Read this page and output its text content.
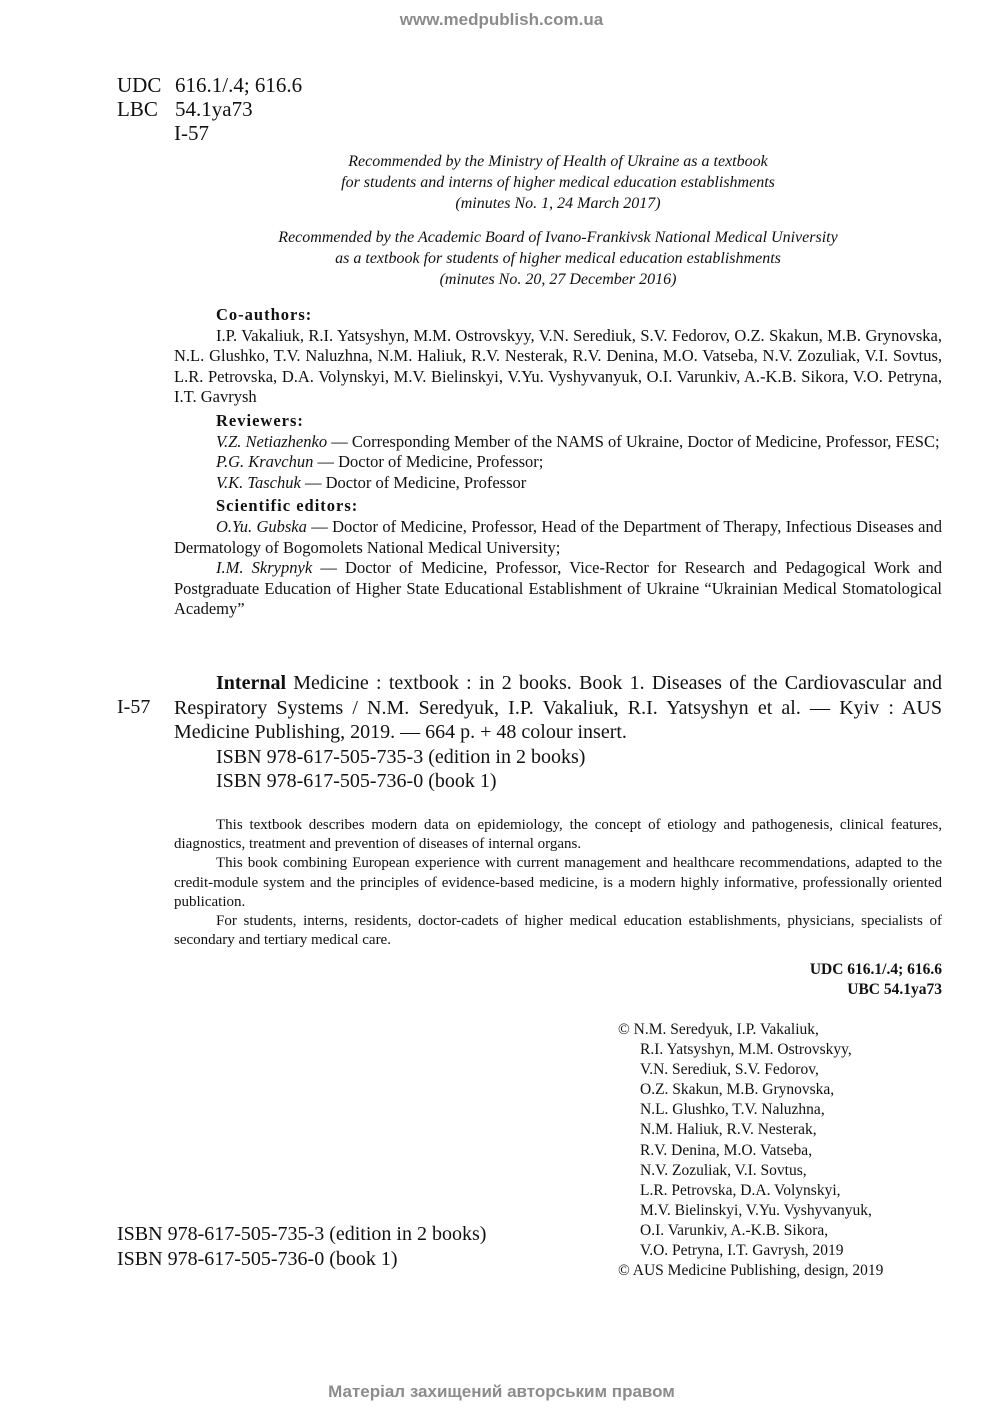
www.medpublish.com.ua
UDC 616.1/.4; 616.6
LBC 54.1ya73
I-57
Recommended by the Ministry of Health of Ukraine as a textbook
for students and interns of higher medical education establishments
(minutes No. 1, 24 March 2017)
Recommended by the Academic Board of Ivano-Frankivsk National Medical University
as a textbook for students of higher medical education establishments
(minutes No. 20, 27 December 2016)
Co-authors:
I.P. Vakaliuk, R.I. Yatsyshyn, M.M. Ostrovskyy, V.N. Serediuk, S.V. Fedorov, O.Z. Skakun, M.B. Grynovska, N.L. Glushko, T.V. Naluzhna, N.M. Haliuk, R.V. Nesterak, R.V. Denina, M.O. Vatseba, N.V. Zozuliak, V.I. Sovtus, L.R. Petrovska, D.A. Volynskyi, M.V. Bielinskyi, V.Yu. Vyshyvanyuk, O.I. Varunkiv, A.-K.B. Sikora, V.O. Petryna, I.T. Gavrysh
Reviewers:
V.Z. Netiazhenko — Corresponding Member of the NAMS of Ukraine, Doctor of Medicine, Professor, FESC;
P.G. Kravchun — Doctor of Medicine, Professor;
V.K. Taschuk — Doctor of Medicine, Professor
Scientific editors:
O.Yu. Gubska — Doctor of Medicine, Professor, Head of the Department of Therapy, Infectious Diseases and Dermatology of Bogomolets National Medical University;
I.M. Skrypnyk — Doctor of Medicine, Professor, Vice-Rector for Research and Pedagogical Work and Postgraduate Education of Higher State Educational Establishment of Ukraine “Ukrainian Medical Stomatological Academy”
I-57
Internal Medicine : textbook : in 2 books. Book 1. Diseases of the Cardiovascular and Respiratory Systems / N.M. Seredyuk, I.P. Vakaliuk, R.I. Yatsyshyn et al. — Kyiv : AUS Medicine Publishing, 2019. — 664 p. + 48 colour insert.
ISBN 978-617-505-735-3 (edition in 2 books)
ISBN 978-617-505-736-0 (book 1)

This textbook describes modern data on epidemiology, the concept of etiology and pathogenesis, clinical features, diagnostics, treatment and prevention of diseases of internal organs.

This book combining European experience with current management and healthcare recommendations, adapted to the credit-module system and the principles of evidence-based medicine, is a modern highly informative, professionally oriented publication.

For students, interns, residents, doctor-cadets of higher medical education establishments, physicians, specialists of secondary and tertiary medical care.

UDC 616.1/.4; 616.6
UBC 54.1ya73
© N.M. Seredyuk, I.P. Vakaliuk,
R.I. Yatsyshyn, M.M. Ostrovskyy,
V.N. Serediuk, S.V. Fedorov,
O.Z. Skakun, M.B. Grynovska,
N.L. Glushko, T.V. Naluzhna,
N.M. Haliuk, R.V. Nesterak,
R.V. Denina, M.O. Vatseba,
N.V. Zozuliak, V.I. Sovtus,
L.R. Petrovska, D.A. Volynskyi,
M.V. Bielinskyi, V.Yu. Vyshyvanyuk,
O.I. Varunkiv, A.-K.B. Sikora,
V.O. Petryna, I.T. Gavrysh, 2019
© AUS Medicine Publishing, design, 2019
ISBN 978-617-505-735-3 (edition in 2 books)
ISBN 978-617-505-736-0 (book 1)
Матеріал захищений авторським правом
